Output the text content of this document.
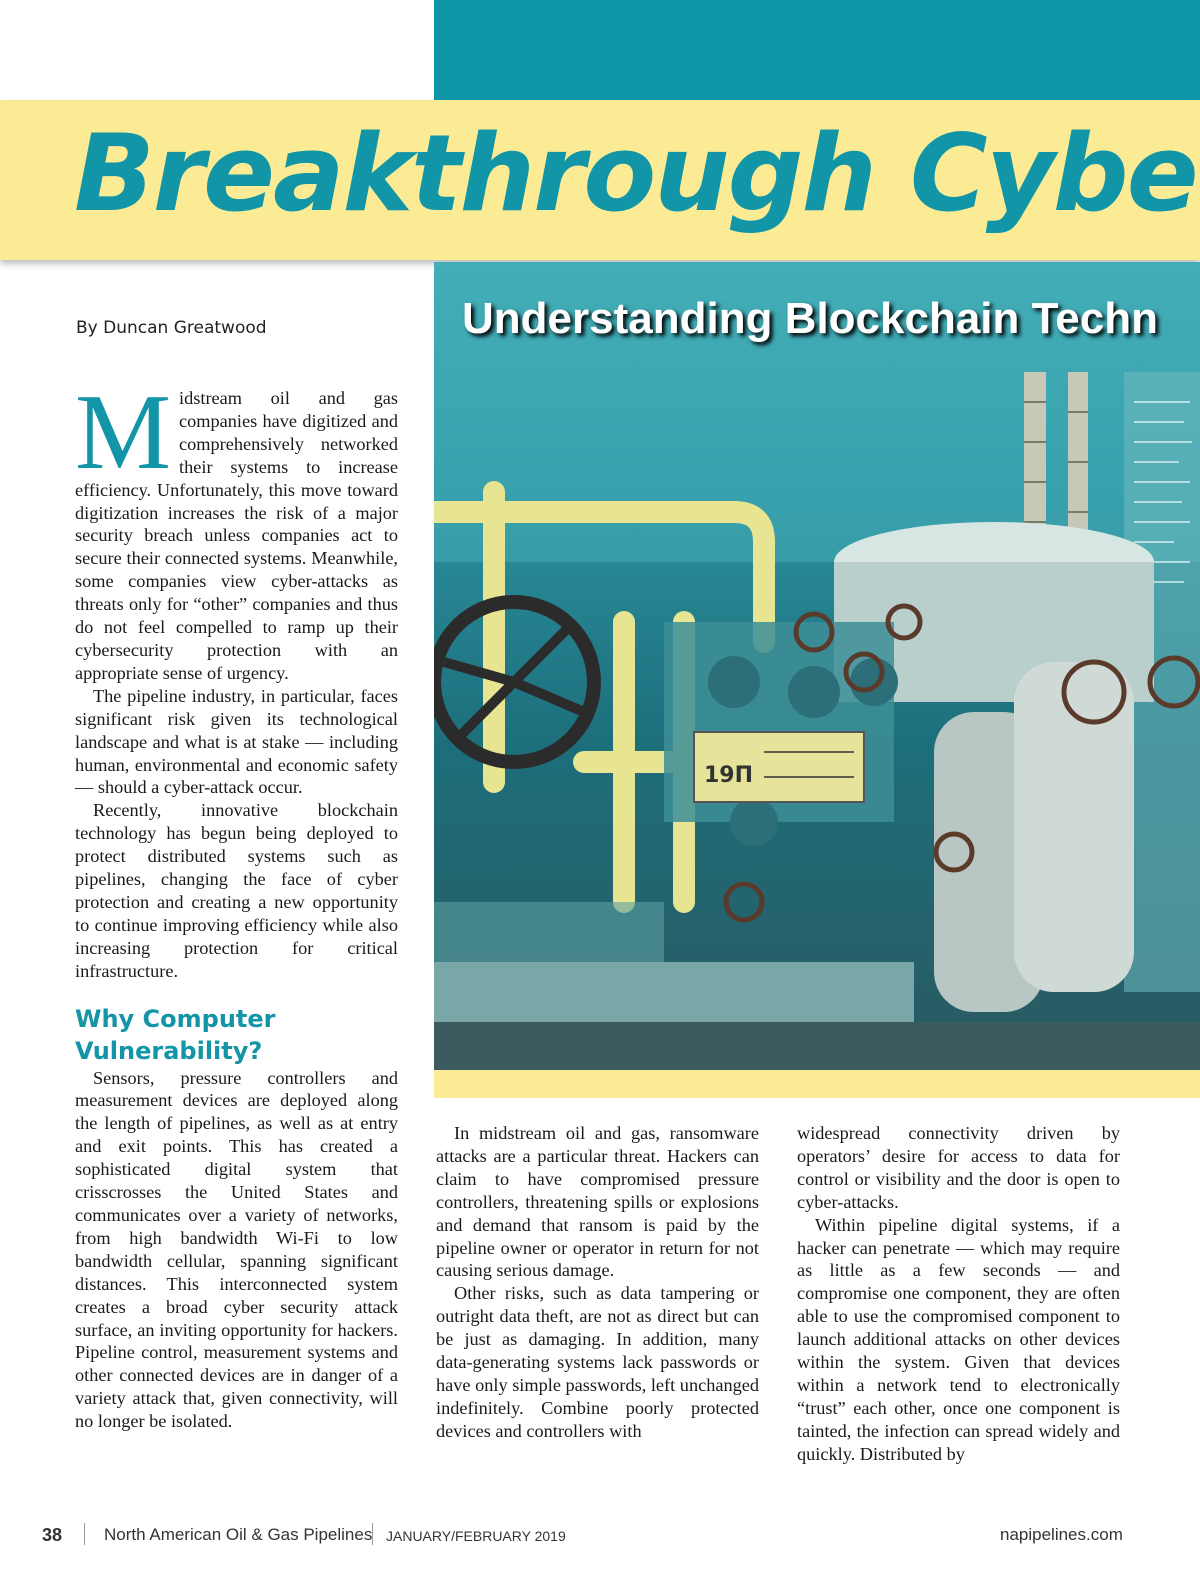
Breakthrough Cybe
19П
Understanding Blockchain Techn
By Duncan Greatwood

Midstream oil and gas companies have digitized and comprehensively networked their systems to increase efficiency. Unfortunately, this move toward digitization increases the risk of a major security breach unless companies act to secure their connected systems. Meanwhile, some companies view cyber-attacks as threats only for “other” companies and thus do not feel compelled to ramp up their cybersecurity protection with an appropriate sense of urgency.

The pipeline industry, in particular, faces significant risk given its technological landscape and what is at stake — including human, environmental and economic safety — should a cyber-attack occur.

Recently, innovative blockchain technology has begun being deployed to protect distributed systems such as pipelines, changing the face of cyber protection and creating a new opportunity to continue improving efficiency while also increasing protection for critical infrastructure.

Why Computer
Vulnerability?

Sensors, pressure controllers and measurement devices are deployed along the length of pipelines, as well as at entry and exit points. This has created a sophisticated digital system that crisscrosses the United States and communicates over a variety of networks, from high bandwidth Wi-Fi to low bandwidth cellular, spanning significant distances. This interconnected system creates a broad cyber security attack surface, an inviting opportunity for hackers. Pipeline control, measurement systems and other connected devices are in danger of a variety attack that, given connectivity, will no longer be isolated.

In midstream oil and gas, ransomware attacks are a particular threat. Hackers can claim to have compromised pressure controllers, threatening spills or explosions and demand that ransom is paid by the pipeline owner or operator in return for not causing serious damage.

Other risks, such as data tampering or outright data theft, are not as direct but can be just as damaging. In addition, many data-generating systems lack passwords or have only simple passwords, left unchanged indefinitely. Combine poorly protected devices and controllers with

widespread connectivity driven by operators’ desire for access to data for control or visibility and the door is open to cyber-attacks.

Within pipeline digital systems, if a hacker can penetrate — which may require as little as a few seconds — and compromise one component, they are often able to use the compromised component to launch additional attacks on other devices within the system. Given that devices within a network tend to electronically “trust” each other, once one component is tainted, the infection can spread widely and quickly. Distributed by

38 North American Oil & Gas Pipelines JANUARY/FEBRUARY 2019	napipelines.com
